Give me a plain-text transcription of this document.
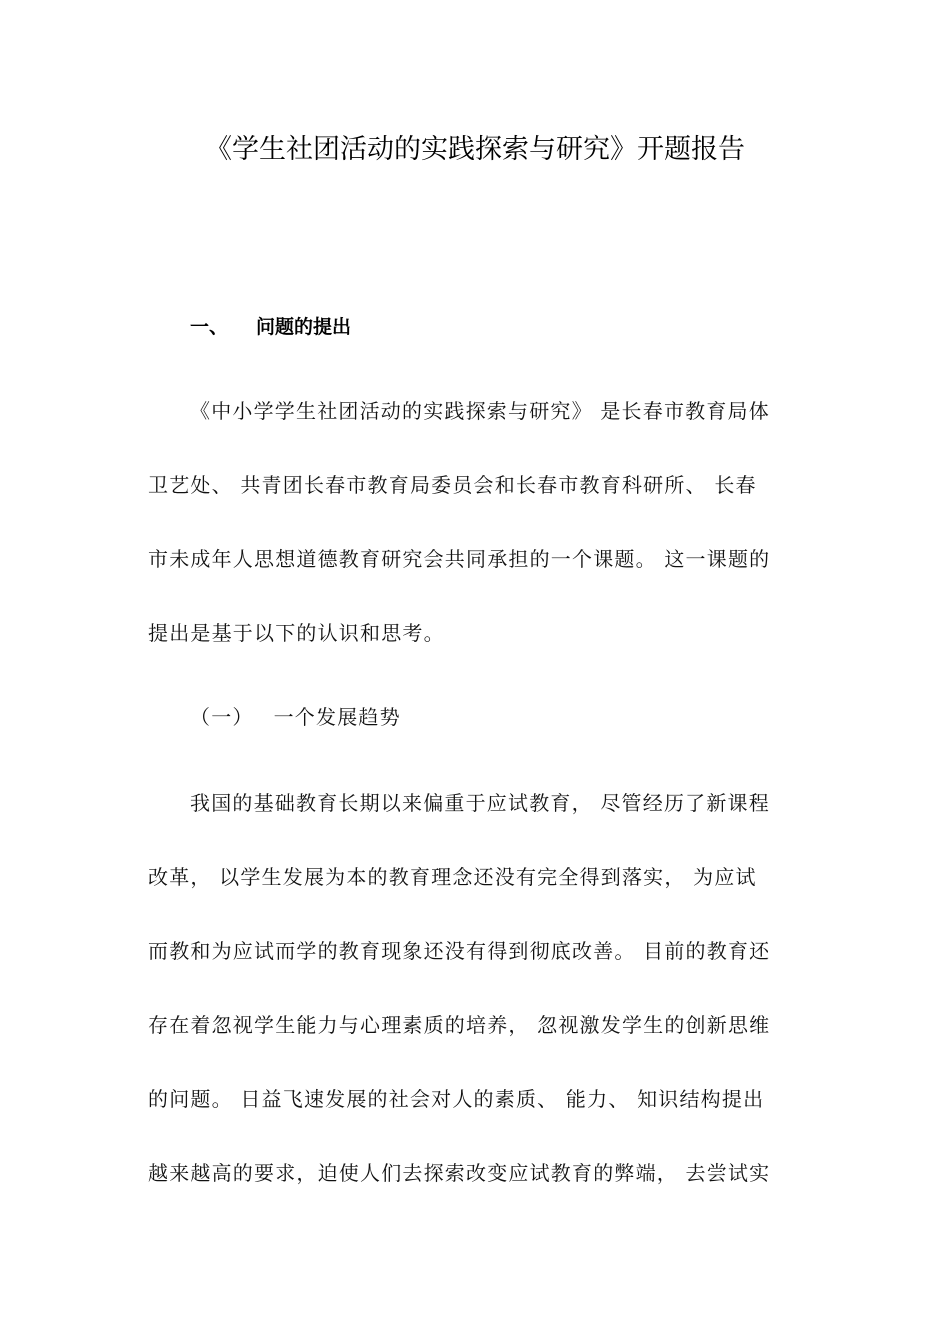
《学生社团活动的实践探索与研究》开题报告
一、 问题的提出
《中小学学生社团活动的实践探索与研究》 是长春市教育局体
卫艺处、 共青团长春市教育局委员会和长春市教育科研所、 长春
市未成年人思想道德教育研究会共同承担的一个课题。 这一课题的
提出是基于以下的认识和思考。
（一） 一个发展趋势
我国的基础教育长期以来偏重于应试教育， 尽管经历了新课程
改革， 以学生发展为本的教育理念还没有完全得到落实， 为应试
而教和为应试而学的教育现象还没有得到彻底改善。 目前的教育还
存在着忽视学生能力与心理素质的培养， 忽视激发学生的创新思维
的问题。 日益飞速发展的社会对人的素质、 能力、 知识结构提出
越来越高的要求，迫使人们去探索改变应试教育的弊端， 去尝试实
